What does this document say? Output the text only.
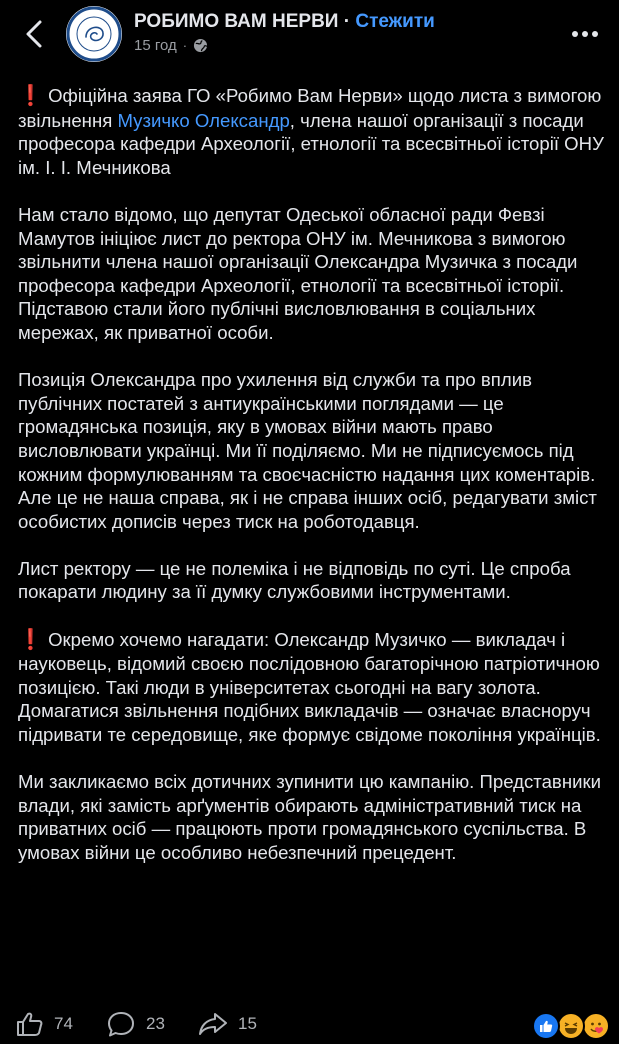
РОБИМО ВАМ НЕРВИ · Стежити
15 год ·

❗ Офіційна заява ГО «Робимо Вам Нерви» щодо листа з вимогою звільнення Музичко Олександр, члена нашої організації з посади професора кафедри Археології, етнології та всесвітньої історії ОНУ ім. І. І. Мечникова

Нам стало відомо, що депутат Одеської обласної ради Февзі Мамутов ініціює лист до ректора ОНУ ім. Мечникова з вимогою звільнити члена нашої організації Олександра Музичка з посади професора кафедри Археології, етнології та всесвітньої історії. Підставою стали його публічні висловлювання в соціальних мережах, як приватної особи.

Позиція Олександра про ухилення від служби та про вплив публічних постатей з антиукраїнськими поглядами — це громадянська позиція, яку в умовах війни мають право висловлювати українці. Ми її поділяємо. Ми не підписуємось під кожним формулюванням та своєчасністю надання цих коментарів. Але це не наша справа, як і не справа інших осіб, редагувати зміст особистих дописів через тиск на роботодавця.

Лист ректору — це не полеміка і не відповідь по суті. Це спроба покарати людину за її думку службовими інструментами.

❗ Окремо хочемо нагадати: Олександр Музичко — викладач і науковець, відомий своєю послідовною багаторічною патріотичною позицією. Такі люди в університетах сьогодні на вагу золота. Домагатися звільнення подібних викладачів — означає власноруч підривати те середовище, яке формує свідоме покоління українців.

Ми закликаємо всіх дотичних зупинити цю кампанію. Представники влади, які замість арґументів обирають адміністративний тиск на приватних осіб — працюють проти громадянського суспільства. В умовах війни це особливо небезпечний прецедент.

74	23	15
